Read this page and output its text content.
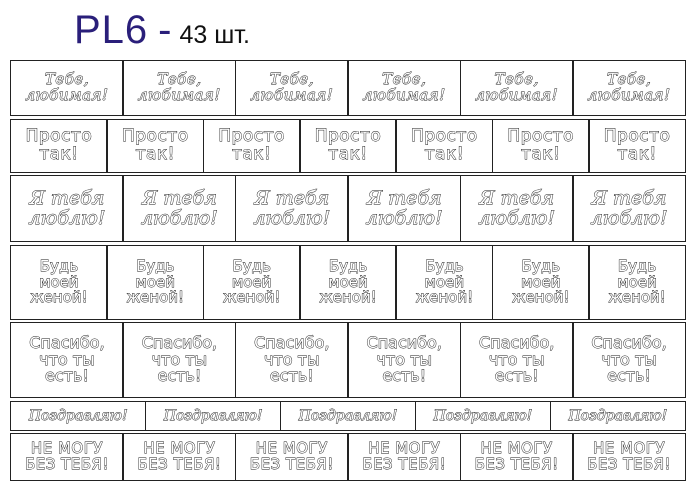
PL6 - 43 шт.
Тебе,
любимая!
Тебе,
любимая!
Тебе,
любимая!
Тебе,
любимая!
Тебе,
любимая!
Тебе,
любимая!
Просто
так!
Просто
так!
Просто
так!
Просто
так!
Просто
так!
Просто
так!
Просто
так!
Я тебя
люблю!
Я тебя
люблю!
Я тебя
люблю!
Я тебя
люблю!
Я тебя
люблю!
Я тебя
люблю!
Будь
моей
женой!
Будь
моей
женой!
Будь
моей
женой!
Будь
моей
женой!
Будь
моей
женой!
Будь
моей
женой!
Будь
моей
женой!
Спасибо,
что ты
есть!
Спасибо,
что ты
есть!
Спасибо,
что ты
есть!
Спасибо,
что ты
есть!
Спасибо,
что ты
есть!
Спасибо,
что ты
есть!
Поздравляю!	Поздравляю!	Поздравляю!	Поздравляю!	Поздравляю!
НЕ МОГУ
БЕЗ ТЕБЯ!
НЕ МОГУ
БЕЗ ТЕБЯ!
НЕ МОГУ
БЕЗ ТЕБЯ!
НЕ МОГУ
БЕЗ ТЕБЯ!
НЕ МОГУ
БЕЗ ТЕБЯ!
НЕ МОГУ
БЕЗ ТЕБЯ!
